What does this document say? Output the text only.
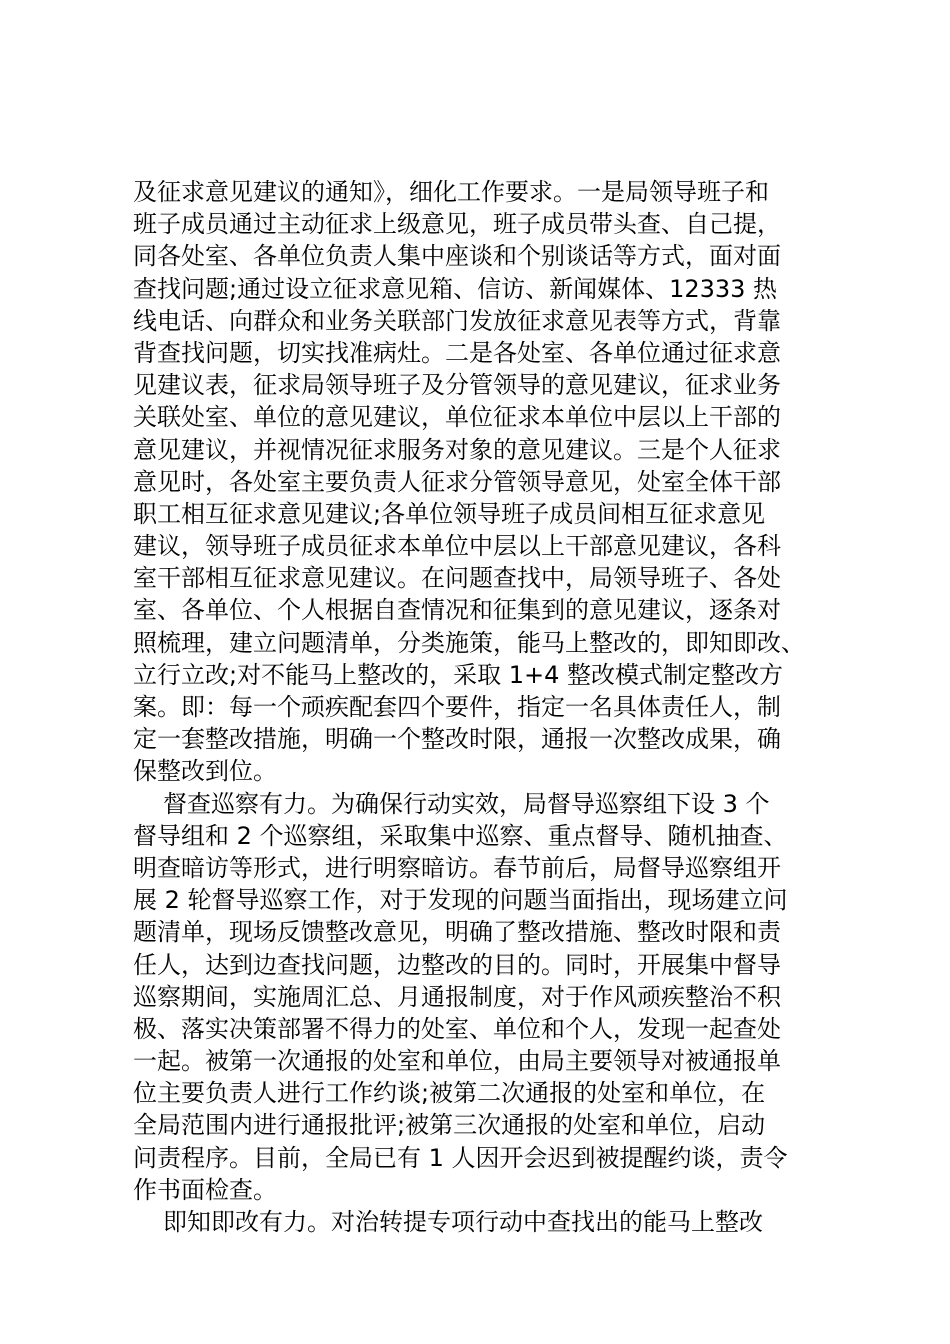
及征求意见建议的通知》，细化工作要求。一是局领导班子和
班子成员通过主动征求上级意见，班子成员带头查、自己提，
同各处室、各单位负责人集中座谈和个别谈话等方式，面对面
查找问题;通过设立征求意见箱、信访、新闻媒体、12333 热
线电话、向群众和业务关联部门发放征求意见表等方式，背靠
背查找问题，切实找准病灶。二是各处室、各单位通过征求意
见建议表，征求局领导班子及分管领导的意见建议，征求业务
关联处室、单位的意见建议，单位征求本单位中层以上干部的
意见建议，并视情况征求服务对象的意见建议。三是个人征求
意见时，各处室主要负责人征求分管领导意见，处室全体干部
职工相互征求意见建议;各单位领导班子成员间相互征求意见
建议，领导班子成员征求本单位中层以上干部意见建议，各科
室干部相互征求意见建议。在问题查找中，局领导班子、各处
室、各单位、个人根据自查情况和征集到的意见建议，逐条对
照梳理，建立问题清单，分类施策，能马上整改的，即知即改、
立行立改;对不能马上整改的，采取 1+4 整改模式制定整改方
案。即：每一个顽疾配套四个要件，指定一名具体责任人，制
定一套整改措施，明确一个整改时限，通报一次整改成果，确
保整改到位。
督查巡察有力。为确保行动实效，局督导巡察组下设 3 个
督导组和 2 个巡察组，采取集中巡察、重点督导、随机抽查、
明查暗访等形式，进行明察暗访。春节前后，局督导巡察组开
展 2 轮督导巡察工作，对于发现的问题当面指出，现场建立问
题清单，现场反馈整改意见，明确了整改措施、整改时限和责
任人，达到边查找问题，边整改的目的。同时，开展集中督导
巡察期间，实施周汇总、月通报制度，对于作风顽疾整治不积
极、落实决策部署不得力的处室、单位和个人，发现一起查处
一起。被第一次通报的处室和单位，由局主要领导对被通报单
位主要负责人进行工作约谈;被第二次通报的处室和单位，在
全局范围内进行通报批评;被第三次通报的处室和单位，启动
问责程序。目前，全局已有 1 人因开会迟到被提醒约谈，责令
作书面检查。
即知即改有力。对治转提专项行动中查找出的能马上整改
